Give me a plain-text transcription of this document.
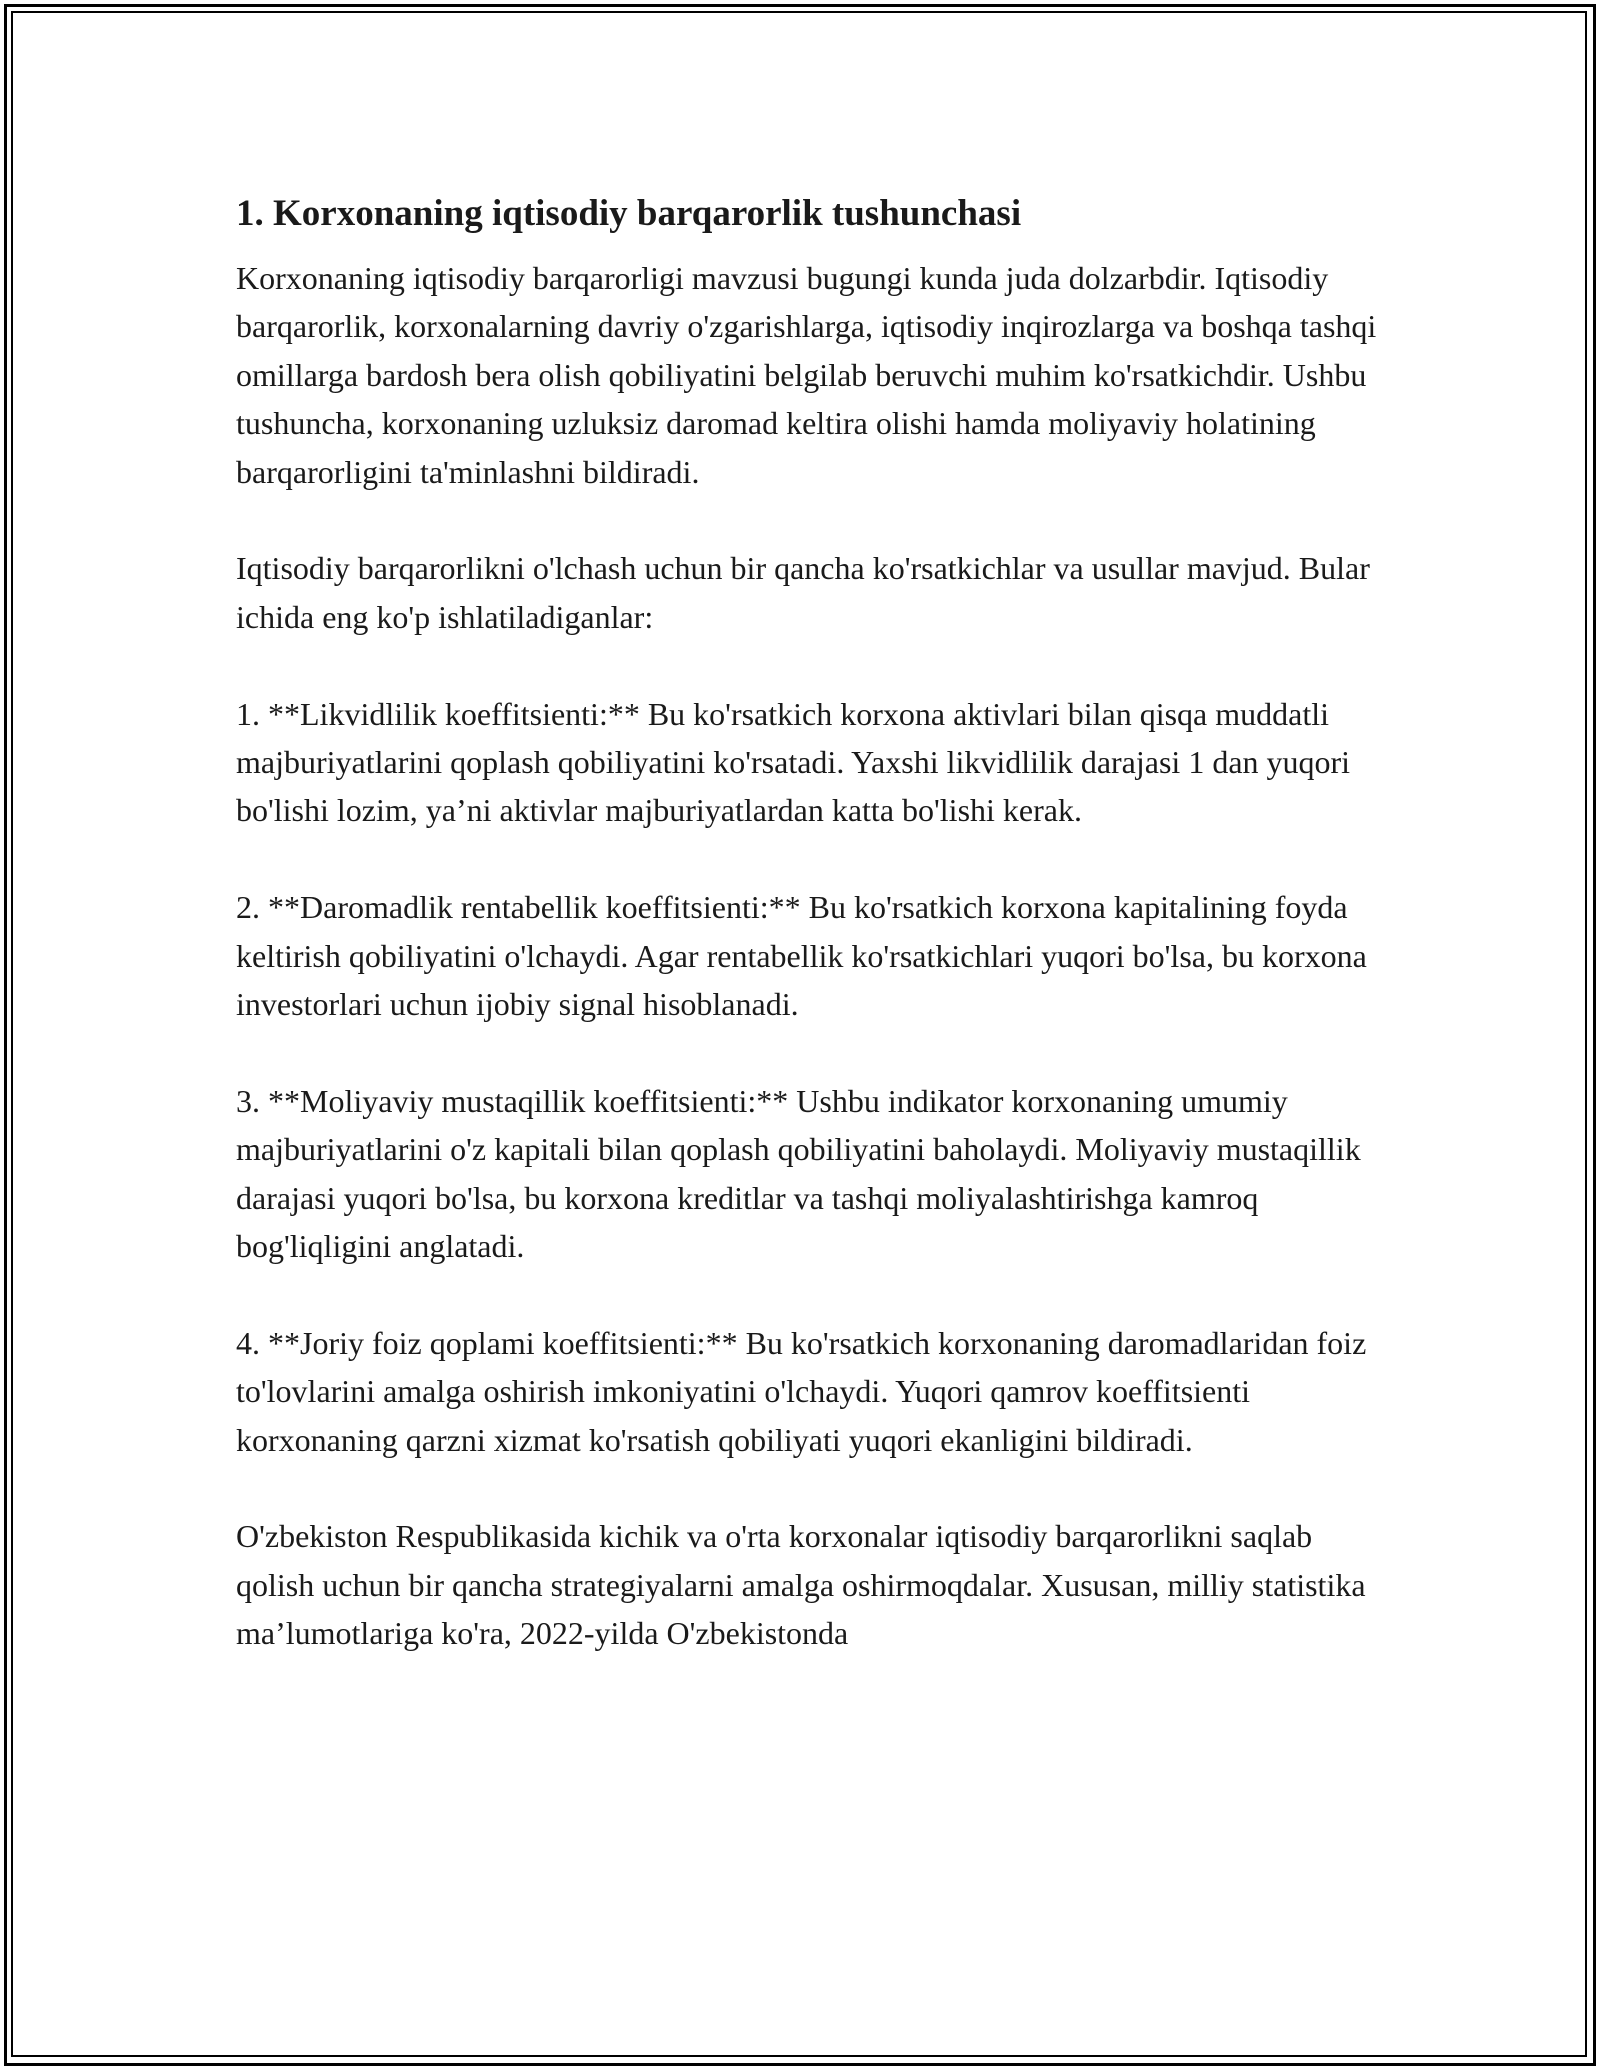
1. Korxonaning iqtisodiy barqarorlik tushunchasi

Korxonaning iqtisodiy barqarorligi mavzusi bugungi kunda juda dolzarbdir. Iqtisodiy barqarorlik, korxonalarning davriy o'zgarishlarga, iqtisodiy inqirozlarga va boshqa tashqi omillarga bardosh bera olish qobiliyatini belgilab beruvchi muhim ko'rsatkichdir. Ushbu tushuncha, korxonaning uzluksiz daromad keltira olishi hamda moliyaviy holatining barqarorligini ta'minlashni bildiradi.

Iqtisodiy barqarorlikni o'lchash uchun bir qancha ko'rsatkichlar va usullar mavjud. Bular ichida eng ko'p ishlatiladiganlar:

1. **Likvidlilik koeffitsienti:** Bu ko'rsatkich korxona aktivlari bilan qisqa muddatli majburiyatlarini qoplash qobiliyatini ko'rsatadi. Yaxshi likvidlilik darajasi 1 dan yuqori bo'lishi lozim, ya’ni aktivlar majburiyatlardan katta bo'lishi kerak.

2. **Daromadlik rentabellik koeffitsienti:** Bu ko'rsatkich korxona kapitalining foyda keltirish qobiliyatini o'lchaydi. Agar rentabellik ko'rsatkichlari yuqori bo'lsa, bu korxona investorlari uchun ijobiy signal hisoblanadi.

3. **Moliyaviy mustaqillik koeffitsienti:** Ushbu indikator korxonaning umumiy majburiyatlarini o'z kapitali bilan qoplash qobiliyatini baholaydi. Moliyaviy mustaqillik darajasi yuqori bo'lsa, bu korxona kreditlar va tashqi moliyalashtirishga kamroq bog'liqligini anglatadi.

4. **Joriy foiz qoplami koeffitsienti:** Bu ko'rsatkich korxonaning daromadlaridan foiz to'lovlarini amalga oshirish imkoniyatini o'lchaydi. Yuqori qamrov koeffitsienti korxonaning qarzni xizmat ko'rsatish qobiliyati yuqori ekanligini bildiradi.

O'zbekiston Respublikasida kichik va o'rta korxonalar iqtisodiy barqarorlikni saqlab qolish uchun bir qancha strategiyalarni amalga oshirmoqdalar. Xususan, milliy statistika ma’lumotlariga ko'ra, 2022-yilda O'zbekistonda
